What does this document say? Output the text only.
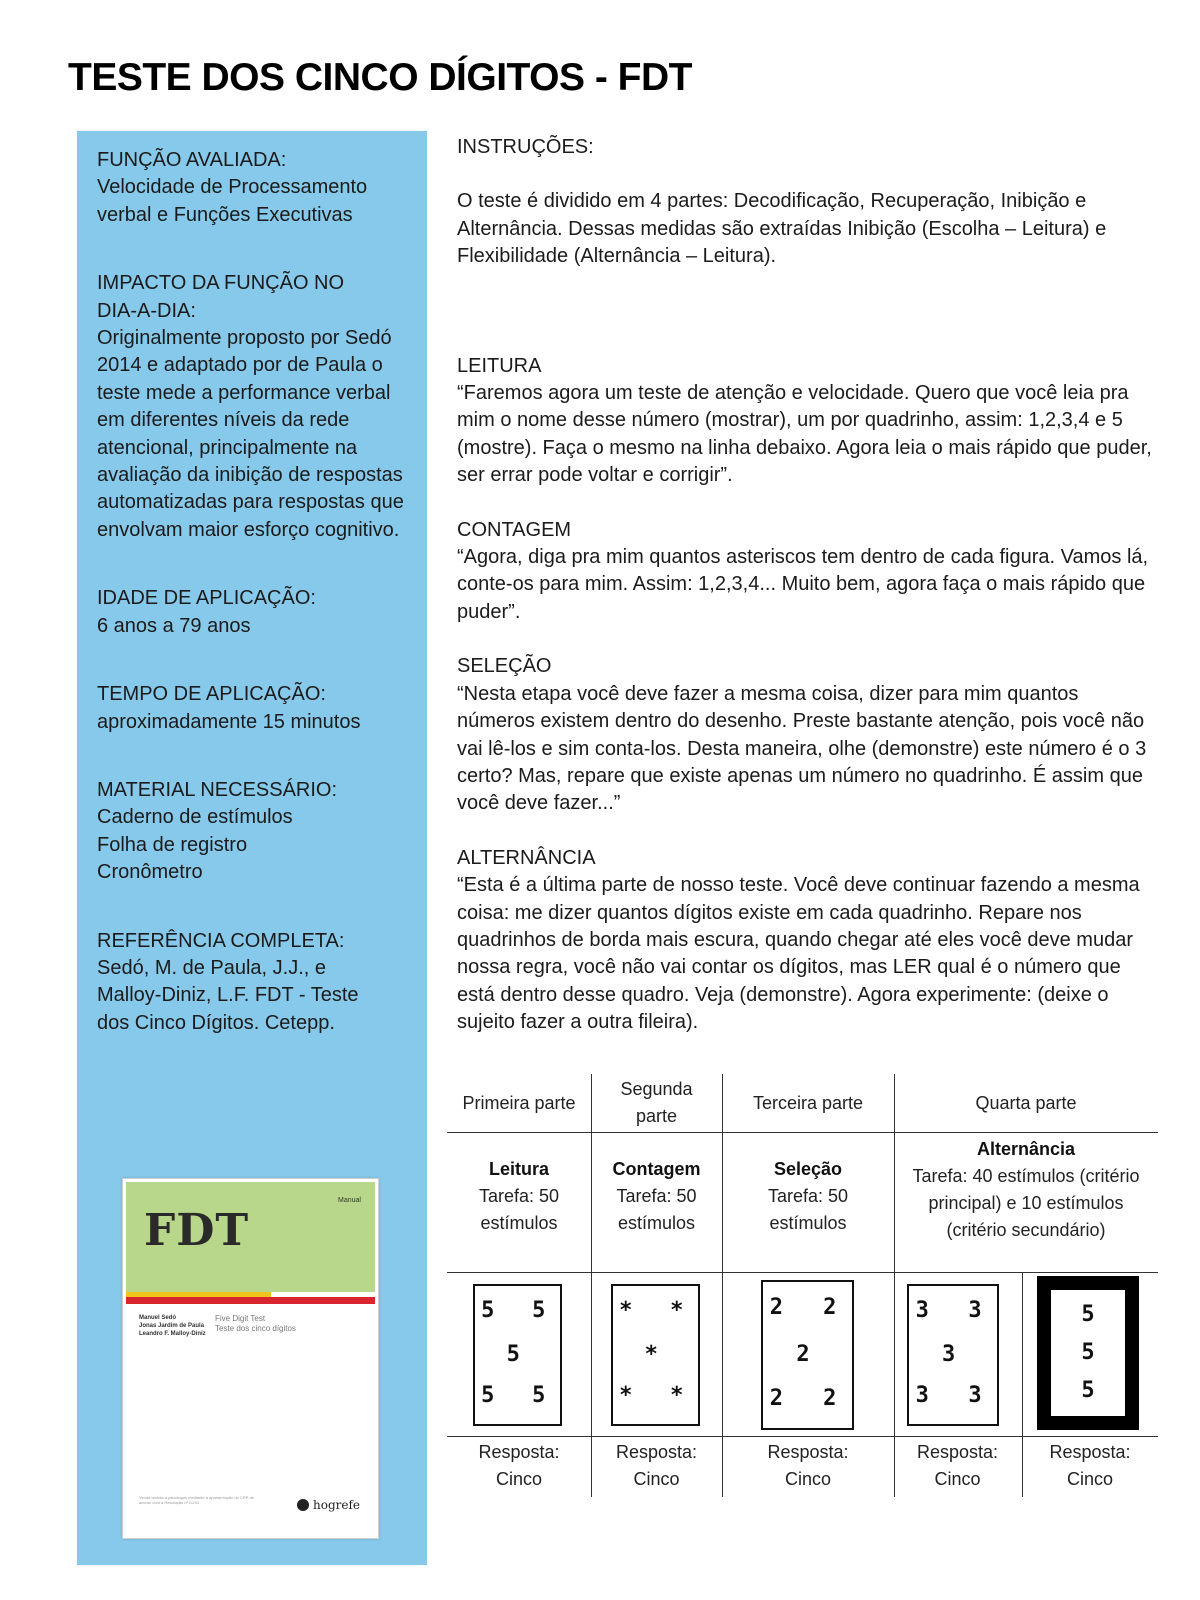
TESTE DOS CINCO DÍGITOS - FDT

FUNÇÃO AVALIADA:

Velocidade de Processamento verbal e Funções Executivas

IMPACTO DA FUNÇÃO NO DIA-A-DIA:

Originalmente proposto por Sedó 2014 e adaptado por de Paula o teste mede a performance verbal em diferentes níveis da rede atencional, principalmente na avaliação da inibição de respostas automatizadas para respostas que envolvam maior esforço cognitivo.

IDADE DE APLICAÇÃO:

6 anos a 79 anos

TEMPO DE APLICAÇÃO:

aproximadamente 15 minutos

MATERIAL NECESSÁRIO:

Caderno de estímulos

Folha de registro

Cronômetro

REFERÊNCIA COMPLETA:

Sedó, M. de Paula, J.J., e Malloy-Diniz, L.F. FDT - Teste dos Cinco Dígitos. Cetepp.

Manual
FDT
Manuel Sedó
Jonas Jardim de Paula
Leandro F. Malloy-Diniz
Five Digit Test
Teste dos cinco dígitos
Venda restrita a psicólogos mediante a apresentação do CRP de acordo com a Resolução nº 02/03	hogrefe

INSTRUÇÕES:

O teste é dividido em 4 partes: Decodificação, Recuperação, Inibição e Alternância. Dessas medidas são extraídas Inibição (Escolha – Leitura) e Flexibilidade (Alternância – Leitura).

LEITURA

“Faremos agora um teste de atenção e velocidade. Quero que você leia pra mim o nome desse número (mostrar), um por quadrinho, assim: 1,2,3,4 e 5 (mostre). Faça o mesmo na linha debaixo. Agora leia o mais rápido que puder, ser errar pode voltar e corrigir”.

CONTAGEM

“Agora, diga pra mim quantos asteriscos tem dentro de cada figura. Vamos lá, conte-os para mim. Assim: 1,2,3,4... Muito bem, agora faça o mais rápido que puder”.

SELEÇÃO

“Nesta etapa você deve fazer a mesma coisa, dizer para mim quantos números existem dentro do desenho. Preste bastante atenção, pois você não vai lê-los e sim conta-los. Desta maneira, olhe (demonstre) este número é o 3 certo? Mas, repare que existe apenas um número no quadrinho. É assim que você deve fazer...”

ALTERNÂNCIA

“Esta é a última parte de nosso teste. Você deve continuar fazendo a mesma coisa: me dizer quantos dígitos existe em cada quadrinho. Repare nos quadrinhos de borda mais escura, quando chegar até eles você deve mudar nossa regra, você não vai contar os dígitos, mas LER qual é o número que está dentro desse quadro. Veja (demonstre). Agora experimente: (deixe o sujeito fazer a outra fileira).

Primeira parte
Segunda parte
Terceira parte	Quarta parte
Leitura
Tarefa: 50 estímulos
Contagem
Tarefa: 50 estímulos
Seleção
Tarefa: 50 estímulos
Alternância
Tarefa: 40 estímulos (critério principal) e 10 estímulos (critério secundário)
5 5
5
5 5
* *
*
* *
2 2
2
2 2
3 3
3
3 3
5
5
5
Resposta: Cinco
Resposta: Cinco
Resposta: Cinco
Resposta: Cinco
Resposta: Cinco
